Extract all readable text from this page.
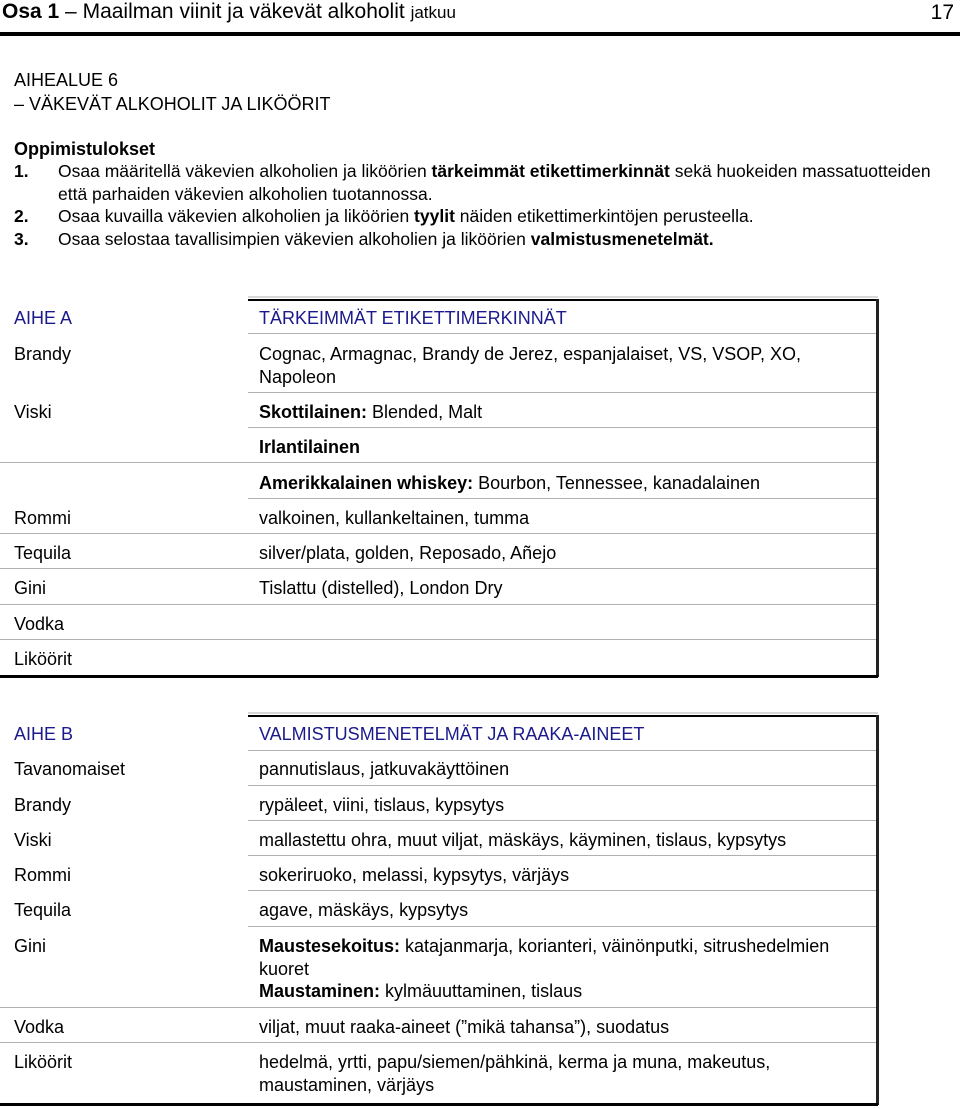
Osa 1 – Maailman viinit ja väkevät alkoholit jatkuu	17
AIHEALUE 6
– VÄKEVÄT ALKOHOLIT JA LIKÖÖRIT
Oppimistulokset
1. Osaa määritellä väkevien alkoholien ja liköörien tärkeimmät etikettimerkinnät sekä huokeiden massatuotteiden että parhaiden väkevien alkoholien tuotannossa.
2. Osaa kuvailla väkevien alkoholien ja liköörien tyylit näiden etikettimerkintöjen perusteella.
3. Osaa selostaa tavallisimpien väkevien alkoholien ja liköörien valmistusmenetelmät.
AIHE A	TÄRKEIMMÄT ETIKETTIMERKINNÄT
Brandy	Cognac, Armagnac, Brandy de Jerez, espanjalaiset, VS, VSOP, XO, Napoleon
Viski	Skottilainen: Blended, Malt
Irlantilainen
Amerikkalainen whiskey: Bourbon, Tennessee, kanadalainen
Rommi	valkoinen, kullankeltainen, tumma
Tequila	silver/plata, golden, Reposado, Añejo
Gini	Tislattu (distelled), London Dry
Vodka
Liköörit
AIHE B	VALMISTUSMENETELMÄT JA RAAKA-AINEET
Tavanomaiset	pannutislaus, jatkuvakäyttöinen
Brandy	rypäleet, viini, tislaus, kypsytys
Viski	mallastettu ohra, muut viljat, mäskäys, käyminen, tislaus, kypsytys
Rommi	sokeriruoko, melassi, kypsytys, värjäys
Tequila	agave, mäskäys, kypsytys
Gini	Maustesekoitus: katajanmarja, korianteri, väinönputki, sitrushedelmien kuoret
Maustaminen: kylmäuuttaminen, tislaus
Vodka	viljat, muut raaka-aineet (”mikä tahansa”), suodatus
Liköörit	hedelmä, yrtti, papu/siemen/pähkinä, kerma ja muna, makeutus, maustaminen, värjäys
